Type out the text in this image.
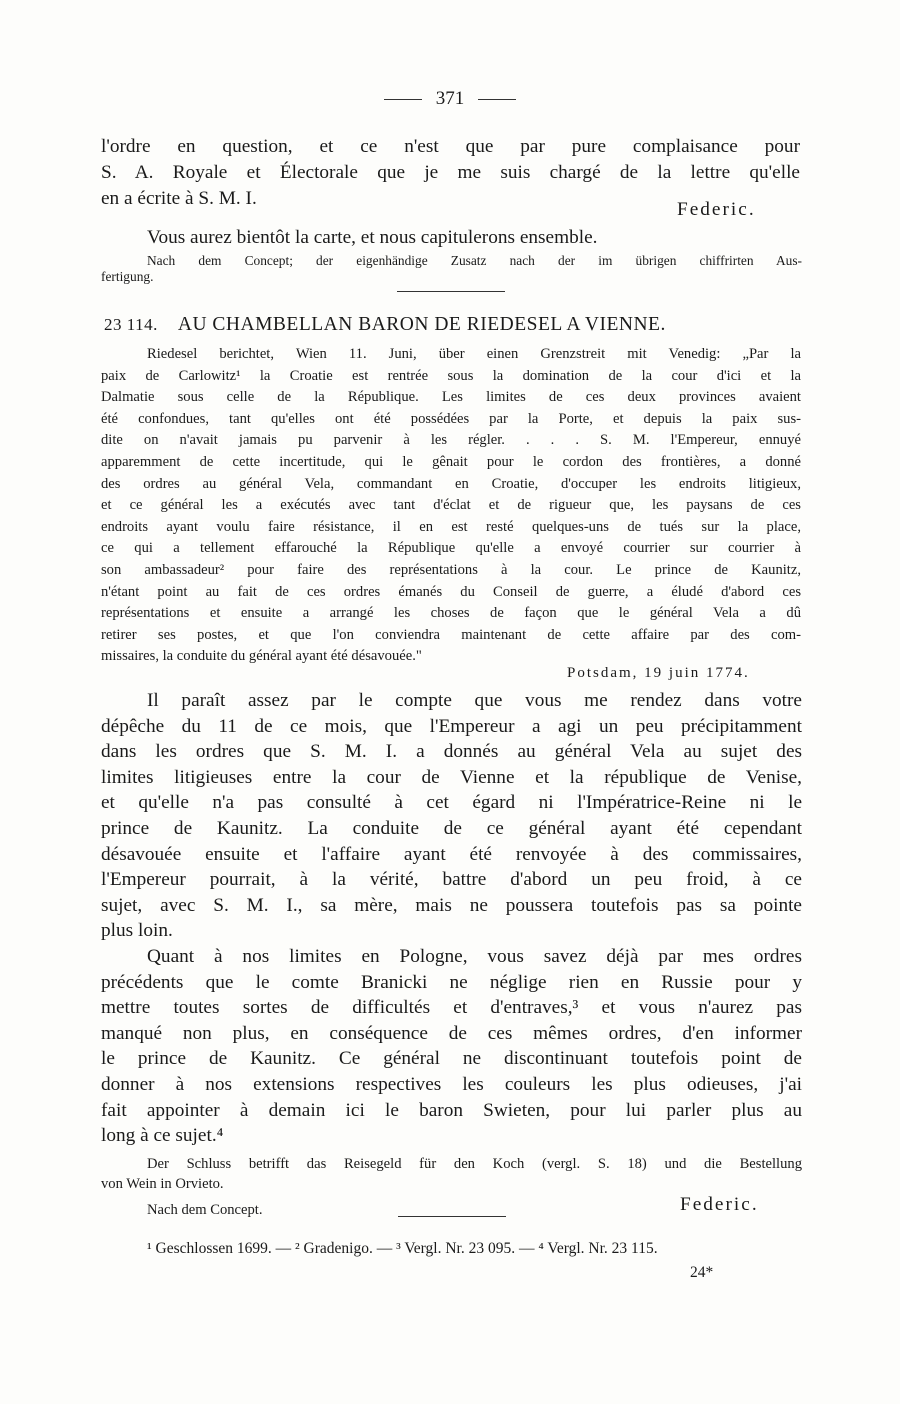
371
l'ordre en question, et ce n'est que par pure complaisance pour
S. A. Royale et Électorale que je me suis chargé de la lettre qu'elle
en a écrite à S. M. I.
Federic.
Vous aurez bientôt la carte, et nous capitulerons ensemble.
Nach dem Concept; der eigenhändige Zusatz nach der im übrigen chiffrirten Aus-
fertigung.
23 114. AU CHAMBELLAN BARON DE RIEDESEL A VIENNE.
Riedesel berichtet, Wien 11. Juni, über einen Grenzstreit mit Venedig: „Par la
paix de Carlowitz¹ la Croatie est rentrée sous la domination de la cour d'ici et la
Dalmatie sous celle de la République. Les limites de ces deux provinces avaient
été confondues, tant qu'elles ont été possédées par la Porte, et depuis la paix sus-
dite on n'avait jamais pu parvenir à les régler. . . . S. M. l'Empereur, ennuyé
apparemment de cette incertitude, qui le gênait pour le cordon des frontières, a donné
des ordres au général Vela, commandant en Croatie, d'occuper les endroits litigieux,
et ce général les a exécutés avec tant d'éclat et de rigueur que, les paysans de ces
endroits ayant voulu faire résistance, il en est resté quelques-uns de tués sur la place,
ce qui a tellement effarouché la République qu'elle a envoyé courrier sur courrier à
son ambassadeur² pour faire des représentations à la cour. Le prince de Kaunitz,
n'étant point au fait de ces ordres émanés du Conseil de guerre, a éludé d'abord ces
représentations et ensuite a arrangé les choses de façon que le général Vela a dû
retirer ses postes, et que l'on conviendra maintenant de cette affaire par des com-
missaires, la conduite du général ayant été désavouée."
Potsdam, 19 juin 1774.
Il paraît assez par le compte que vous me rendez dans votre
dépêche du 11 de ce mois, que l'Empereur a agi un peu précipitamment
dans les ordres que S. M. I. a donnés au général Vela au sujet des
limites litigieuses entre la cour de Vienne et la république de Venise,
et qu'elle n'a pas consulté à cet égard ni l'Impératrice-Reine ni le
prince de Kaunitz. La conduite de ce général ayant été cependant
désavouée ensuite et l'affaire ayant été renvoyée à des commissaires,
l'Empereur pourrait, à la vérité, battre d'abord un peu froid, à ce
sujet, avec S. M. I., sa mère, mais ne poussera toutefois pas sa pointe
plus loin.
Quant à nos limites en Pologne, vous savez déjà par mes ordres
précédents que le comte Branicki ne néglige rien en Russie pour y
mettre toutes sortes de difficultés et d'entraves,³ et vous n'aurez pas
manqué non plus, en conséquence de ces mêmes ordres, d'en informer
le prince de Kaunitz. Ce général ne discontinuant toutefois point de
donner à nos extensions respectives les couleurs les plus odieuses, j'ai
fait appointer à demain ici le baron Swieten, pour lui parler plus au
long à ce sujet.⁴
Der Schluss betrifft das Reisegeld für den Koch (vergl. S. 18) und die Bestellung
von Wein in Orvieto.
Federic.
Nach dem Concept.
¹ Geschlossen 1699. — ² Gradenigo. — ³ Vergl. Nr. 23 095. — ⁴ Vergl. Nr. 23 115.
24*
